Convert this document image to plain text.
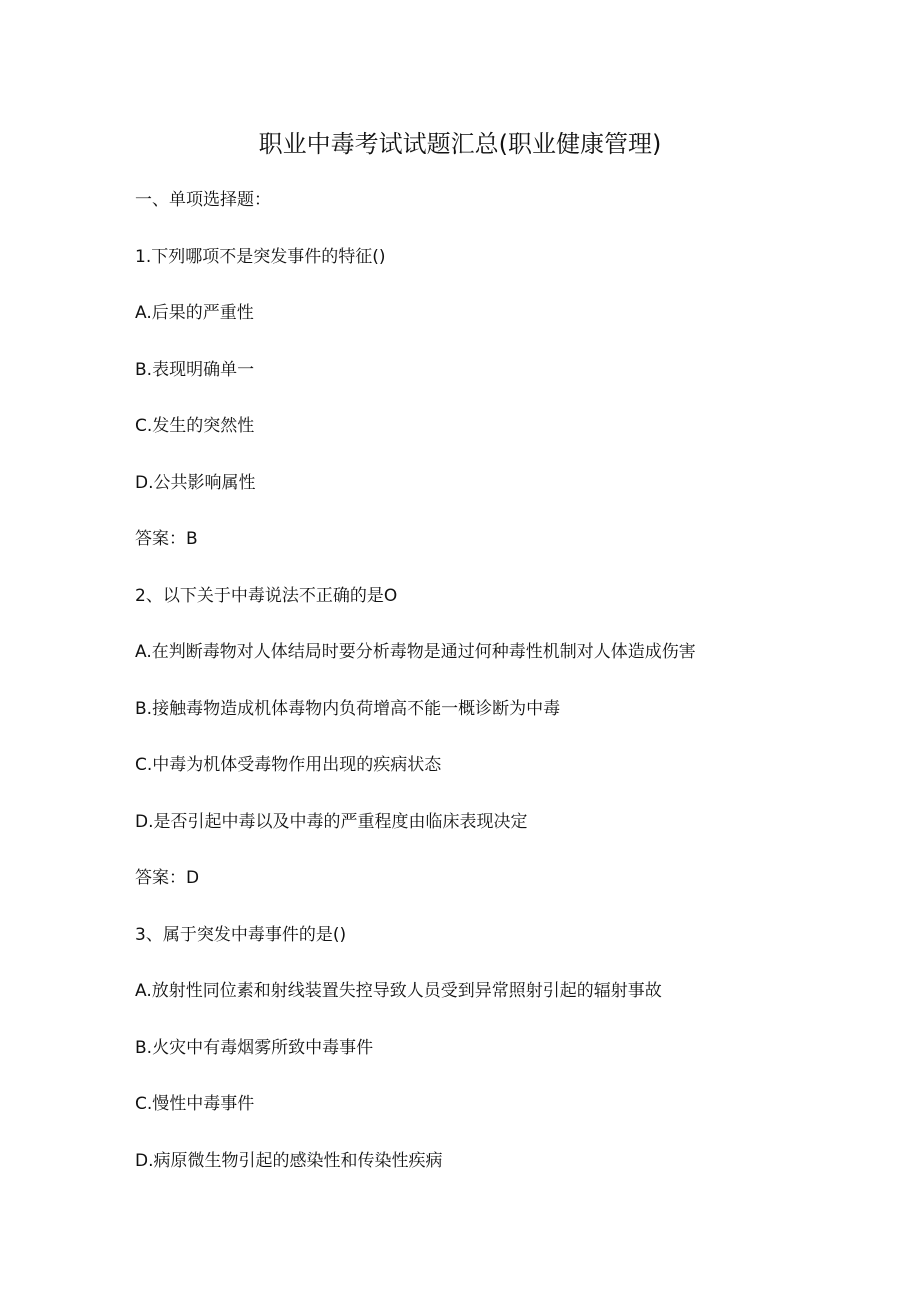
职业中毒考试试题汇总(职业健康管理)
一、单项选择题：
1.下列哪项不是突发事件的特征()
A.后果的严重性
B.表现明确单一
C.发生的突然性
D.公共影响属性
答案：B
2、以下关于中毒说法不正确的是O
A.在判断毒物对人体结局时要分析毒物是通过何种毒性机制对人体造成伤害
B.接触毒物造成机体毒物内负荷增高不能一概诊断为中毒
C.中毒为机体受毒物作用出现的疾病状态
D.是否引起中毒以及中毒的严重程度由临床表现决定
答案：D
3、属于突发中毒事件的是()
A.放射性同位素和射线装置失控导致人员受到异常照射引起的辐射事故
B.火灾中有毒烟雾所致中毒事件
C.慢性中毒事件
D.病原微生物引起的感染性和传染性疾病
